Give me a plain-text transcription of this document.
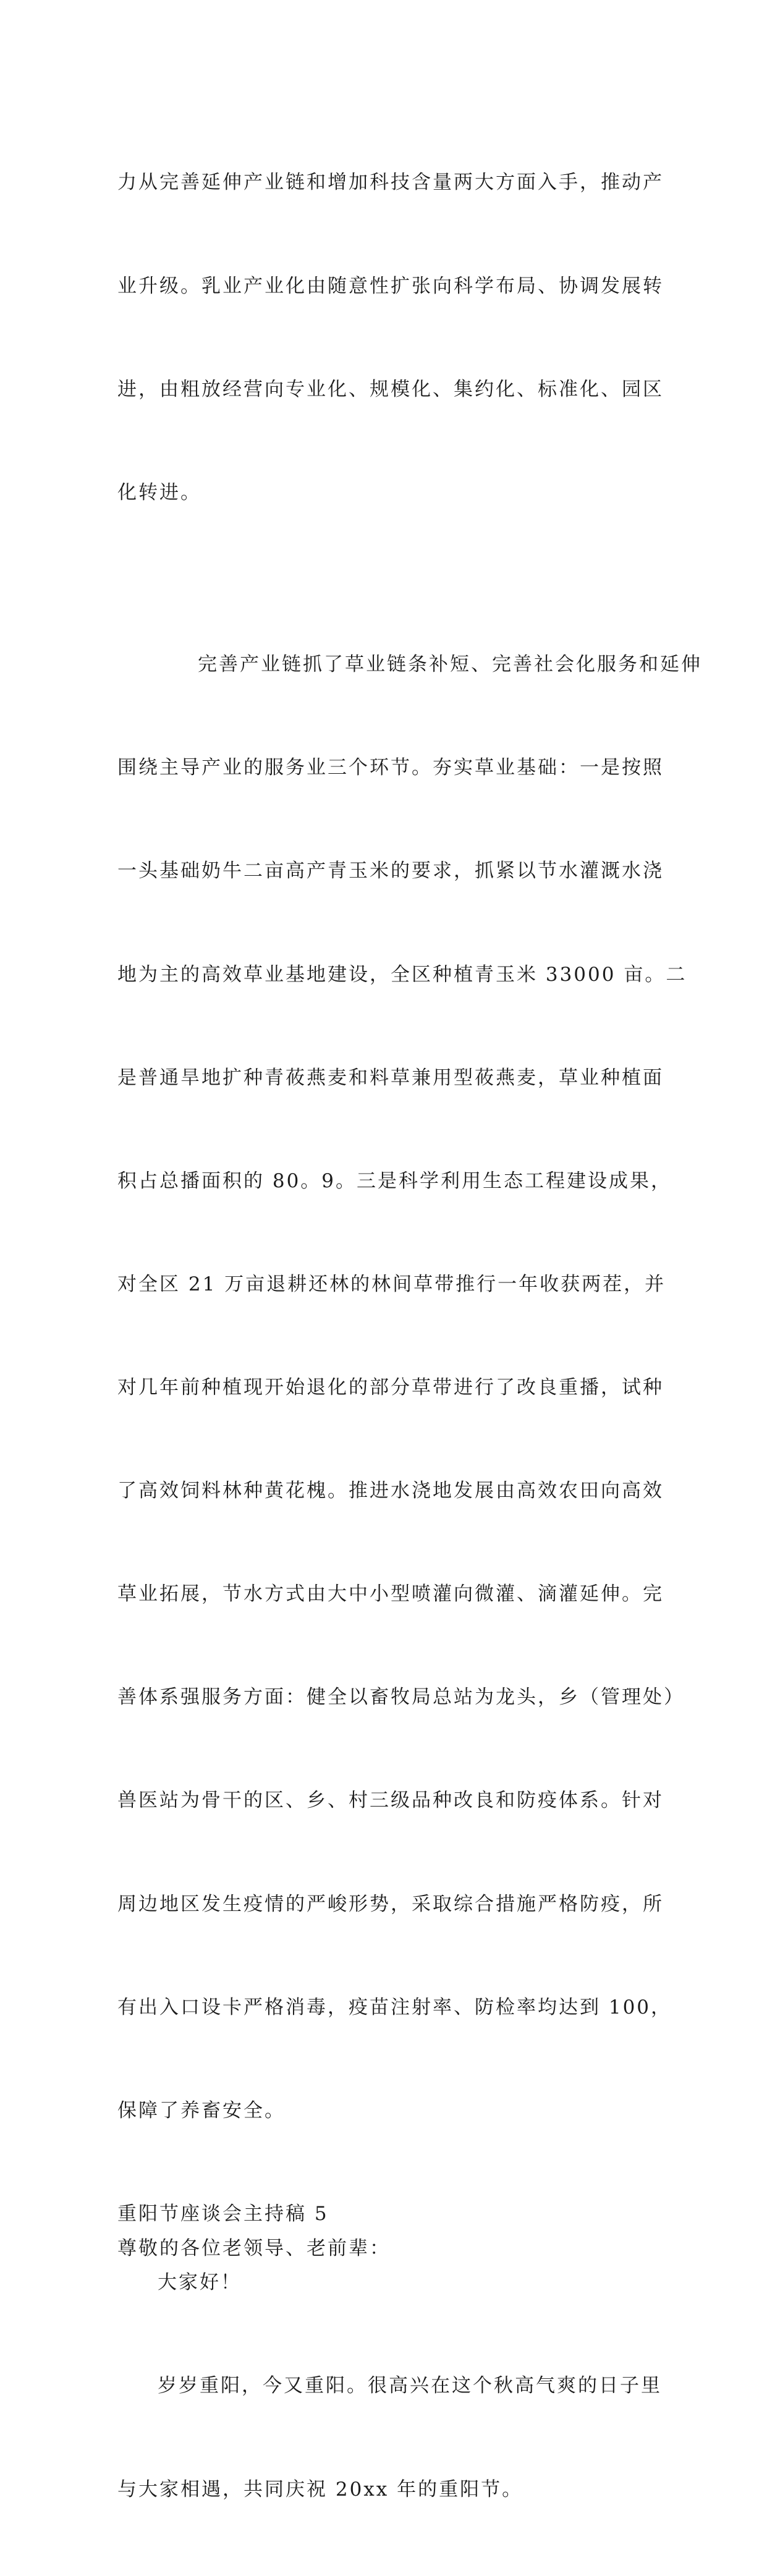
力从完善延伸产业链和增加科技含量两大方面入手，推动产

业升级。乳业产业化由随意性扩张向科学布局、协调发展转

进，由粗放经营向专业化、规模化、集约化、标准化、园区

化转进。

完善产业链抓了草业链条补短、完善社会化服务和延伸

围绕主导产业的服务业三个环节。夯实草业基础：一是按照

一头基础奶牛二亩高产青玉米的要求，抓紧以节水灌溉水浇

地为主的高效草业基地建设，全区种植青玉米 33000 亩。二

是普通旱地扩种青莜燕麦和料草兼用型莜燕麦，草业种植面

积占总播面积的 80。9。三是科学利用生态工程建设成果，

对全区 21 万亩退耕还林的林间草带推行一年收获两茬，并

对几年前种植现开始退化的部分草带进行了改良重播，试种

了高效饲料林种黄花槐。推进水浇地发展由高效农田向高效

草业拓展，节水方式由大中小型喷灌向微灌、滴灌延伸。完

善体系强服务方面：健全以畜牧局总站为龙头，乡（管理处）

兽医站为骨干的区、乡、村三级品种改良和防疫体系。针对

周边地区发生疫情的严峻形势，采取综合措施严格防疫，所

有出入口设卡严格消毒，疫苗注射率、防检率均达到 100，

保障了养畜安全。

重阳节座谈会主持稿 5

尊敬的各位老领导、老前辈：

大家好！

岁岁重阳，今又重阳。很高兴在这个秋高气爽的日子里

与大家相遇，共同庆祝 20xx 年的重阳节。
